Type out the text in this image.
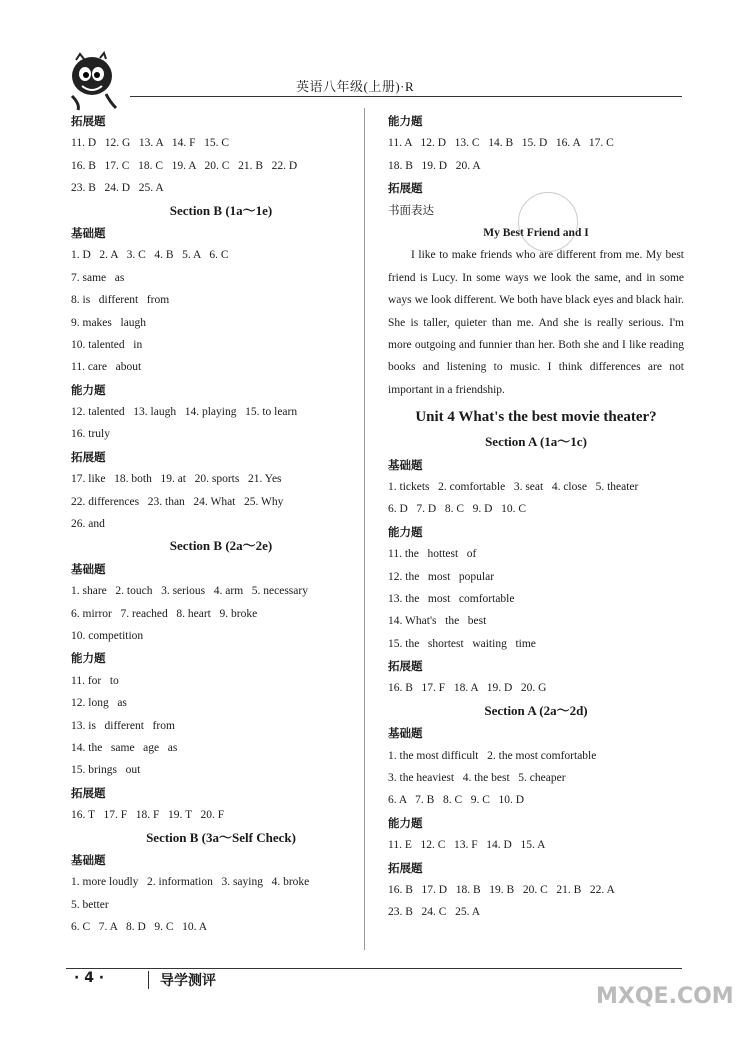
英语八年级(上册)·R
拓展题
11. D   12. G   13. A   14. F   15. C
16. B   17. C   18. C   19. A   20. C   21. B   22. D
23. B   24. D   25. A
Section B (1a～1e)
基础题
1. D   2. A   3. C   4. B   5. A   6. C
7. same   as
8. is   different   from
9. makes   laugh
10. talented   in
11. care   about
能力题
12. talented   13. laugh   14. playing   15. to learn
16. truly
拓展题
17. like   18. both   19. at   20. sports   21. Yes
22. differences   23. than   24. What   25. Why
26. and
Section B (2a～2e)
基础题
1. share   2. touch   3. serious   4. arm   5. necessary
6. mirror   7. reached   8. heart   9. broke
10. competition
能力题
11. for   to
12. long   as
13. is   different   from
14. the   same   age   as
15. brings   out
拓展题
16. T   17. F   18. F   19. T   20. F
Section B (3a～Self Check)
基础题
1. more loudly   2. information   3. saying   4. broke
5. better
6. C   7. A   8. D   9. C   10. A
能力题
11. A   12. D   13. C   14. B   15. D   16. A   17. C
18. B   19. D   20. A
拓展题
书面表达
My Best Friend and I

I like to make friends who are different from me. My best friend is Lucy. In some ways we look the same, and in some ways we look different. We both have black eyes and black hair. She is taller, quieter than me. And she is really serious. I'm more outgoing and funnier than her. Both she and I like reading books and listening to music. I think differences are not important in a friendship.

Unit 4 What's the best movie theater?
Section A (1a～1c)
基础题
1. tickets   2. comfortable   3. seat   4. close   5. theater
6. D   7. D   8. C   9. D   10. C
能力题
11. the   hottest   of
12. the   most   popular
13. the   most   comfortable
14. What's   the   best
15. the   shortest   waiting   time
拓展题
16. B   17. F   18. A   19. D   20. G
Section A (2a～2d)
基础题
1. the most difficult   2. the most comfortable
3. the heaviest   4. the best   5. cheaper
6. A   7. B   8. C   9. C   10. D
能力题
11. E   12. C   13. F   14. D   15. A
拓展题
16. B   17. D   18. B   19. B   20. C   21. B   22. A
23. B   24. C   25. A
· 4 ·	导学测评
MXQE.COM
